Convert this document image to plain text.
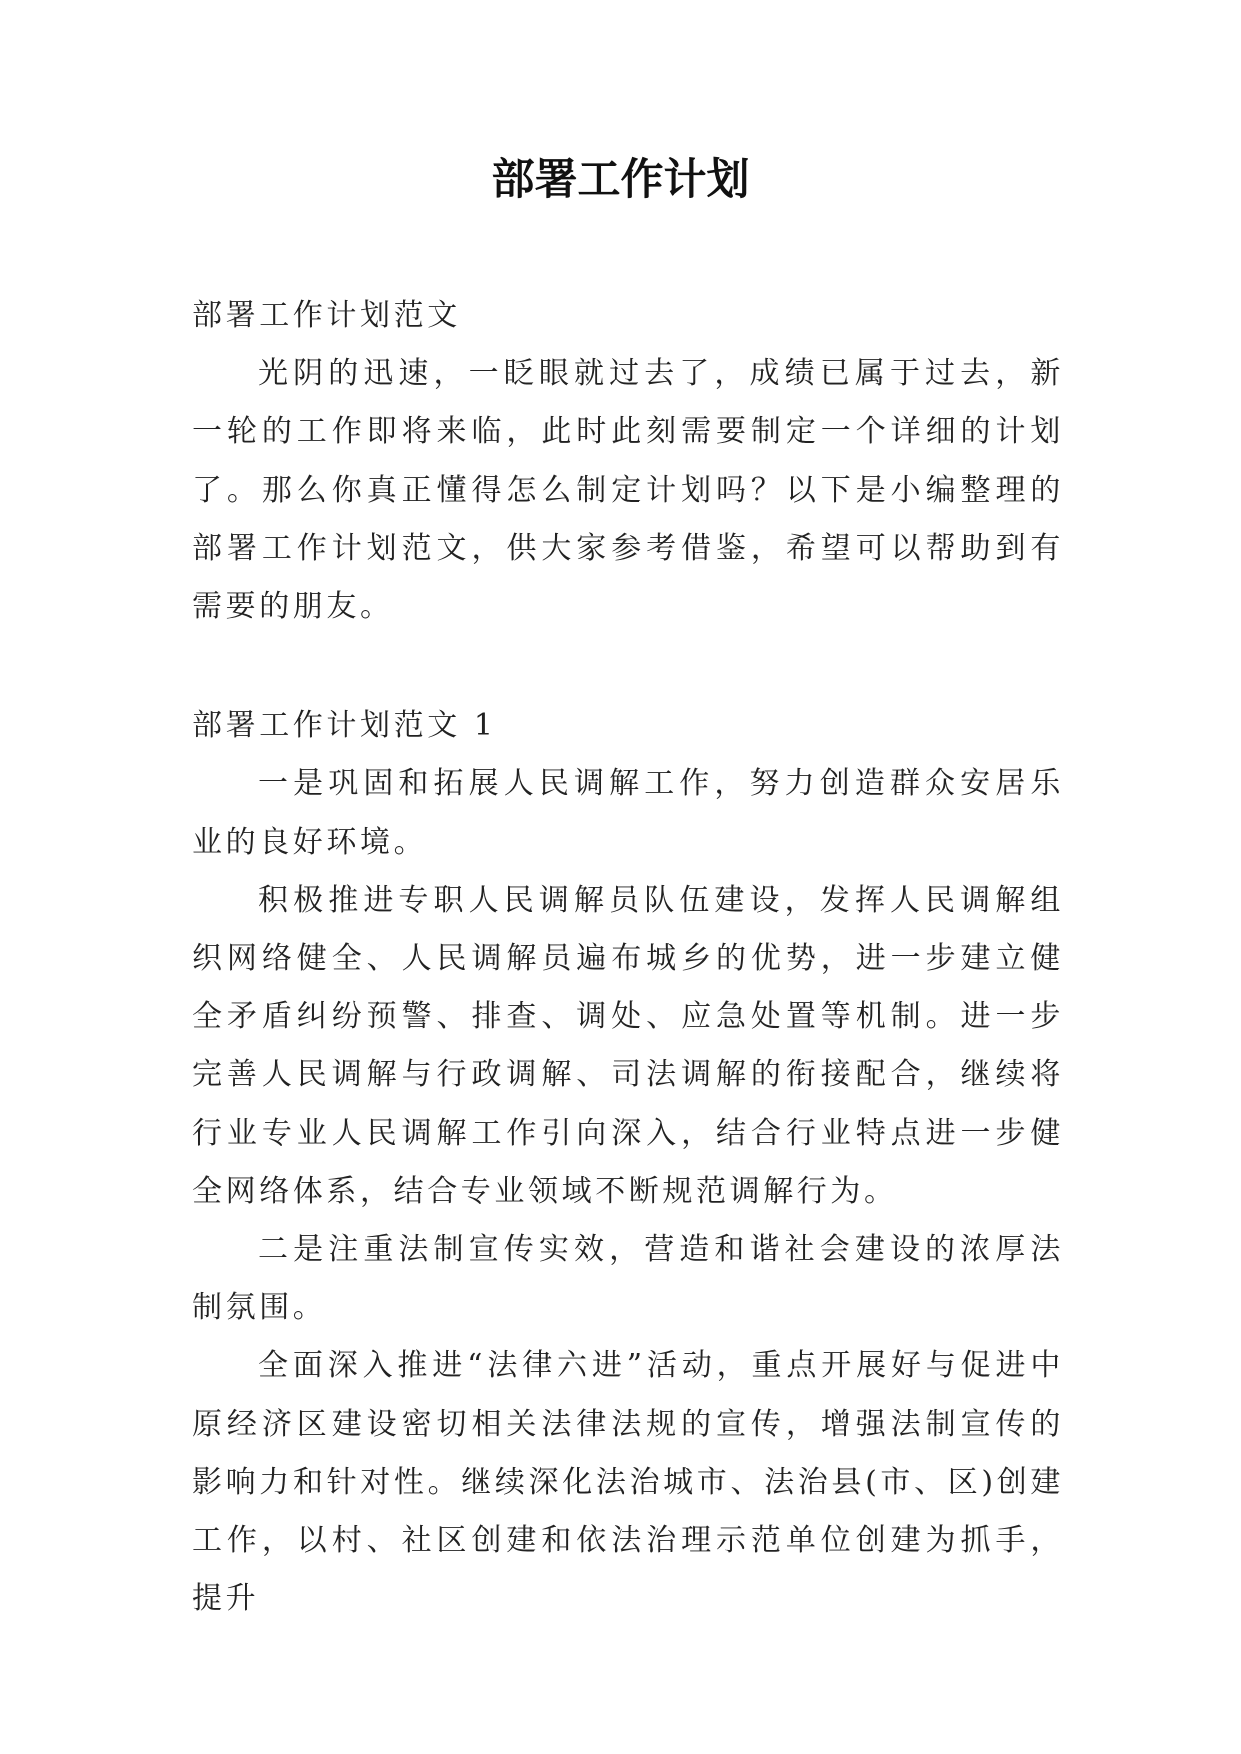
部署工作计划

部署工作计划范文

光阴的迅速，一眨眼就过去了，成绩已属于过去，新一轮的工作即将来临，此时此刻需要制定一个详细的计划了。那么你真正懂得怎么制定计划吗？以下是小编整理的部署工作计划范文，供大家参考借鉴，希望可以帮助到有需要的朋友。

部署工作计划范文 1

一是巩固和拓展人民调解工作，努力创造群众安居乐业的良好环境。

积极推进专职人民调解员队伍建设，发挥人民调解组织网络健全、人民调解员遍布城乡的优势，进一步建立健全矛盾纠纷预警、排查、调处、应急处置等机制。进一步完善人民调解与行政调解、司法调解的衔接配合，继续将行业专业人民调解工作引向深入，结合行业特点进一步健全网络体系，结合专业领域不断规范调解行为。

二是注重法制宣传实效，营造和谐社会建设的浓厚法制氛围。

全面深入推进“法律六进”活动，重点开展好与促进中原经济区建设密切相关法律法规的宣传，增强法制宣传的影响力和针对性。继续深化法治城市、法治县(市、区)创建工作，以村、社区创建和依法治理示范单位创建为抓手，提升
